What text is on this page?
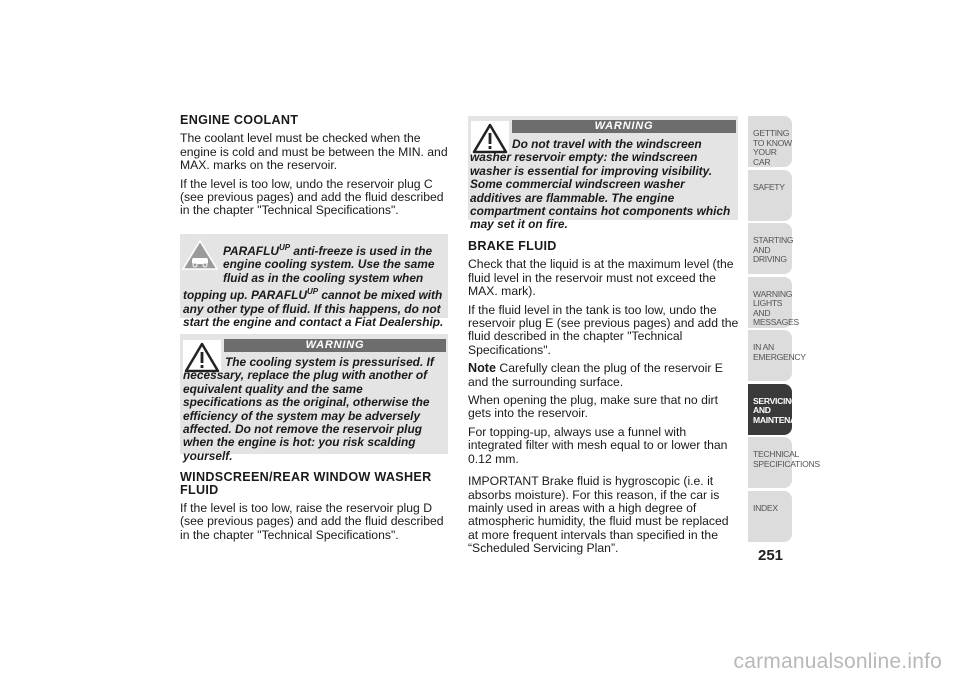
ENGINE COOLANT

The coolant level must be checked when the engine is cold and must be between the MIN. and MAX. marks on the reservoir.

If the level is too low, undo the reservoir plug C (see previous pages) and add the fluid described in the chapter "Technical Specifications".

$PARAFLU^{UP}$ anti-freeze is used in the engine cooling system. Use the same fluid as in the cooling system when topping up. $PARAFLU^{UP}$ cannot be mixed with any other type of fluid. If this happens, do not start the engine and contact a Fiat Dealership.
WARNING
The cooling system is pressurised. If necessary, replace the plug with another of equivalent quality and the same specifications as the original, otherwise the efficiency of the system may be adversely affected. Do not remove the reservoir plug when the engine is hot: you risk scalding yourself.
WINDSCREEN/REAR WINDOW WASHER FLUID

If the level is too low, raise the reservoir plug D (see previous pages) and add the fluid described in the chapter "Technical Specifications".

WARNING
Do not travel with the windscreen washer reservoir empty: the windscreen washer is essential for improving visibility. Some commercial windscreen washer additives are flammable. The engine compartment contains hot components which may set it on fire.
BRAKE FLUID

Check that the liquid is at the maximum level (the fluid level in the reservoir must not exceed the MAX. mark).

If the fluid level in the tank is too low, undo the reservoir plug E (see previous pages) and add the fluid described in the chapter "Technical Specifications".

Note Carefully clean the plug of the reservoir E and the surrounding surface.

When opening the plug, make sure that no dirt gets into the reservoir.

For topping-up, always use a funnel with integrated filter with mesh equal to or lower than 0.12 mm.

IMPORTANT Brake fluid is hygroscopic (i.e. it absorbs moisture). For this reason, if the car is mainly used in areas with a high degree of atmospheric humidity, the fluid must be replaced at more frequent intervals than specified in the “Scheduled Servicing Plan”.

GETTING TO KNOW YOUR CAR
SAFETY
STARTING AND DRIVING
WARNING LIGHTS AND MESSAGES
IN AN EMERGENCY
SERVICING AND MAINTENANCE
TECHNICAL SPECIFICATIONS
INDEX
251
carmanualsonline.info
